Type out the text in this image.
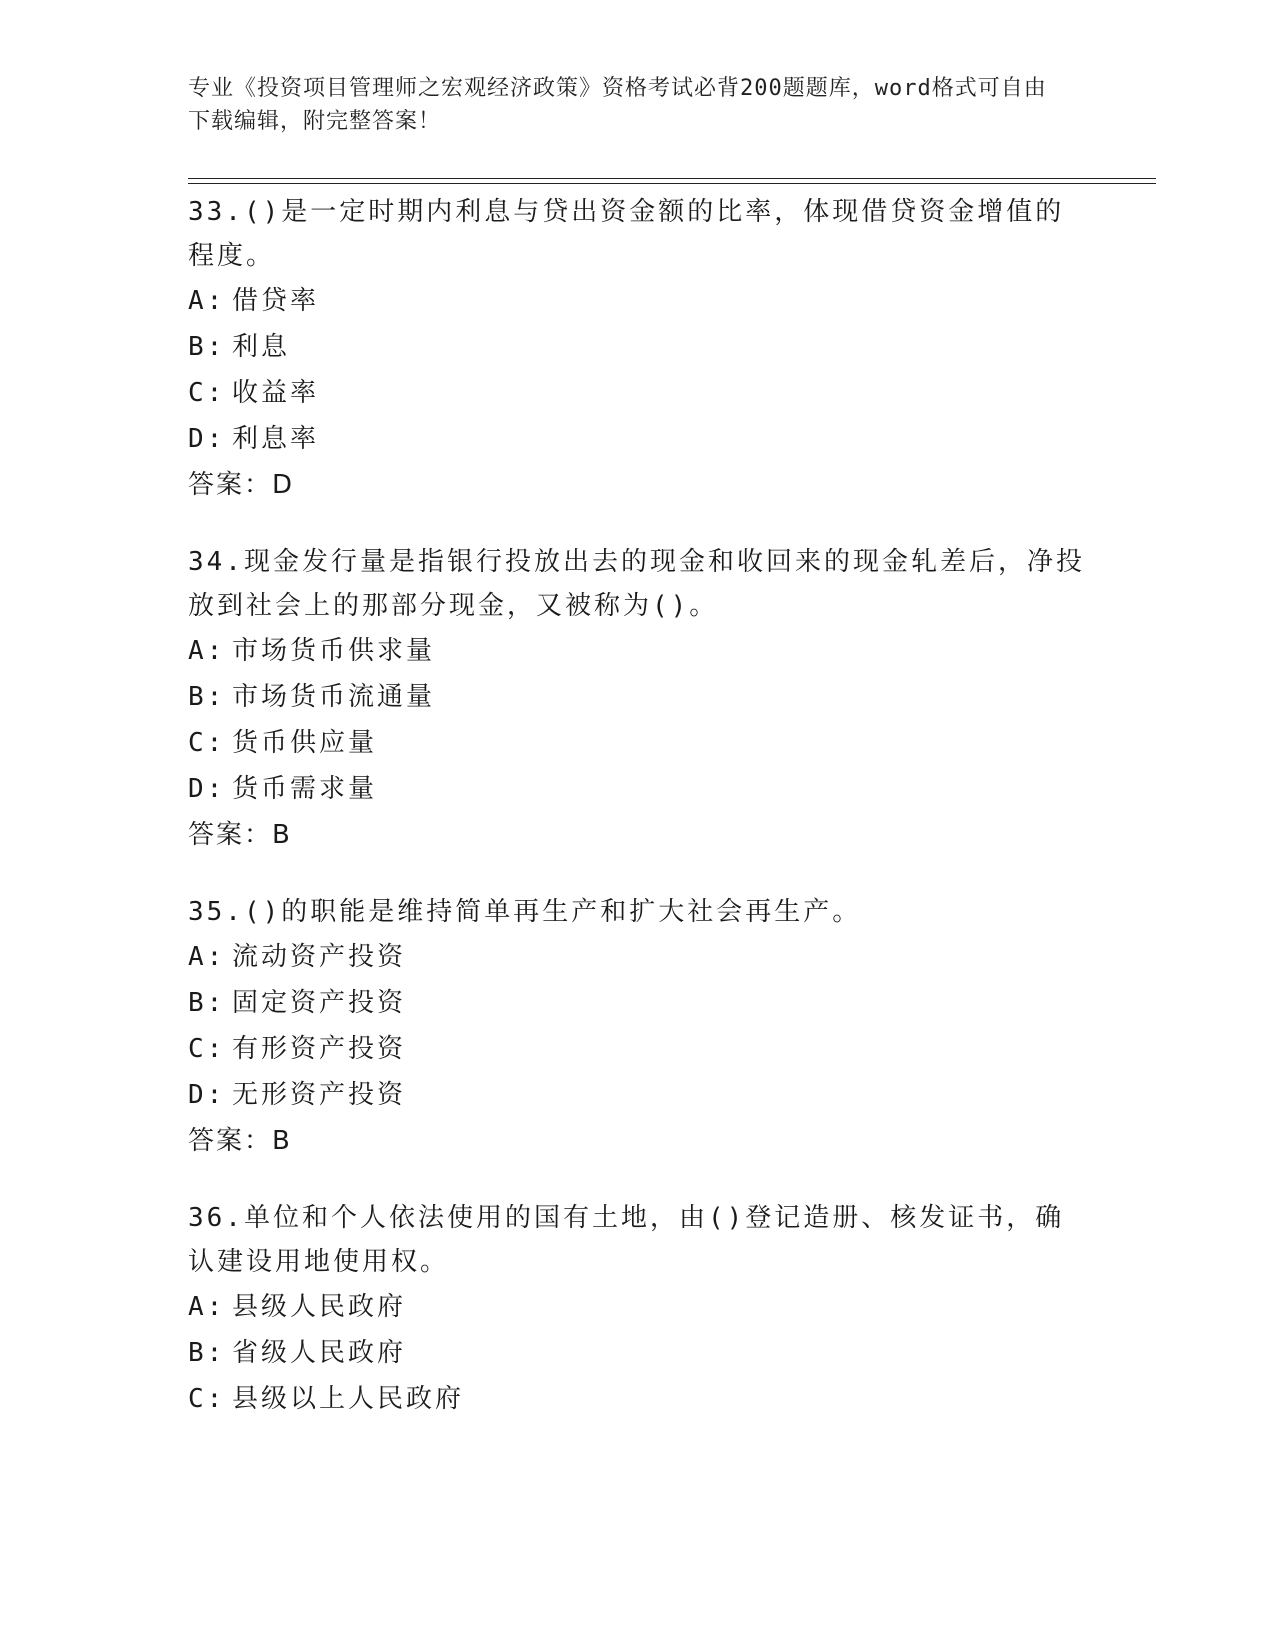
专业《投资项目管理师之宏观经济政策》资格考试必背200题题库，word格式可自由下载编辑，附完整答案！
33.()是一定时期内利息与贷出资金额的比率，体现借贷资金增值的程度。
A: 借贷率
B: 利息
C: 收益率
D: 利息率
答案：D
34.现金发行量是指银行投放出去的现金和收回来的现金轧差后，净投放到社会上的那部分现金，又被称为()。
A: 市场货币供求量
B: 市场货币流通量
C: 货币供应量
D: 货币需求量
答案：B
35.()的职能是维持简单再生产和扩大社会再生产。
A: 流动资产投资
B: 固定资产投资
C: 有形资产投资
D: 无形资产投资
答案：B
36.单位和个人依法使用的国有土地，由()登记造册、核发证书，确认建设用地使用权。
A: 县级人民政府
B: 省级人民政府
C: 县级以上人民政府
